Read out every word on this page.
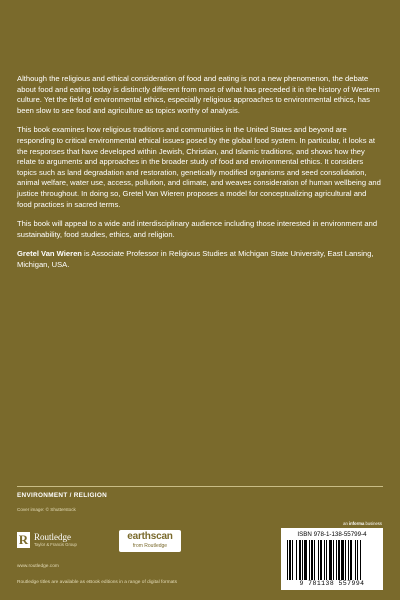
Although the religious and ethical consideration of food and eating is not a new phenomenon, the debate about food and eating today is distinctly different from most of what has preceded it in the history of Western culture. Yet the field of environmental ethics, especially religious approaches to environmental ethics, has been slow to see food and agriculture as topics worthy of analysis.

This book examines how religious traditions and communities in the United States and beyond are responding to critical environmental ethical issues posed by the global food system. In particular, it looks at the responses that have developed within Jewish, Christian, and Islamic traditions, and shows how they relate to arguments and approaches in the broader study of food and environmental ethics. It considers topics such as land degradation and restoration, genetically modified organisms and seed consolidation, animal welfare, water use, access, pollution, and climate, and weaves consideration of human wellbeing and justice throughout. In doing so, Gretel Van Wieren proposes a model for conceptualizing agricultural and food practices in sacred terms.

This book will appeal to a wide and interdisciplinary audience including those interested in environment and sustainability, food studies, ethics, and religion.

Gretel Van Wieren is Associate Professor in Religious Studies at Michigan State University, East Lansing, Michigan, USA.

ENVIRONMENT / RELIGION
Cover image: © Shutterstock
an informa business
R Routledge
Taylor & Francis Group
earthscan
from Routledge
www.routledge.com
Routledge titles are available as eBook editions in a range of digital formats
ISBN 978-1-138-55799-4
9 781138 557994
